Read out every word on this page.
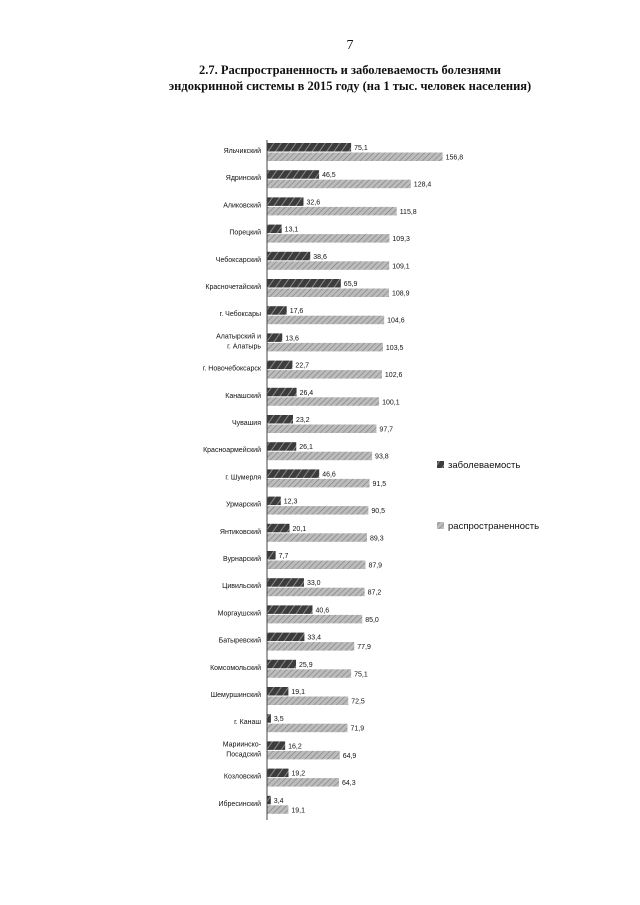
7
2.7. Распространенность и заболеваемость болезнями
эндокринной системы в 2015 году (на 1 тыс. человек населения)
Яльчикский	75,1
156,8
Ядринский	46,5
128,4
Аликовский	32,6
115,8
Порецкий	13,1
109,3
Чебоксарский	38,6
109,1
Красночетайский	65,9
108,9
г. Чебоксары	17,6
104,6
Алатырский и г. Алатырь
13,6
103,5
г. Новочебоксарск	22,7
102,6
Канашский	26,4
100,1
Чувашия	23,2
97,7
Красноармейский	26,1
93,8
г. Шумерля	46,6
91,5
Урмарский	12,3
90,5
Янтиковский	20,1
89,3
Вурнарский	7,7
87,9
Цивильский	33,0
87,2
Моргаушский	40,6
85,0
Батыревский	33,4
77,9
Комсомольский	25,9
75,1
Шемуршинский	19,1
72,5
г. Канаш 3,5
71,9
Мариинско-Посадский
16,2
64,9
Козловский	19,2
64,3
Ибресинский 3,4
19,1
заболеваемость
распространенность
